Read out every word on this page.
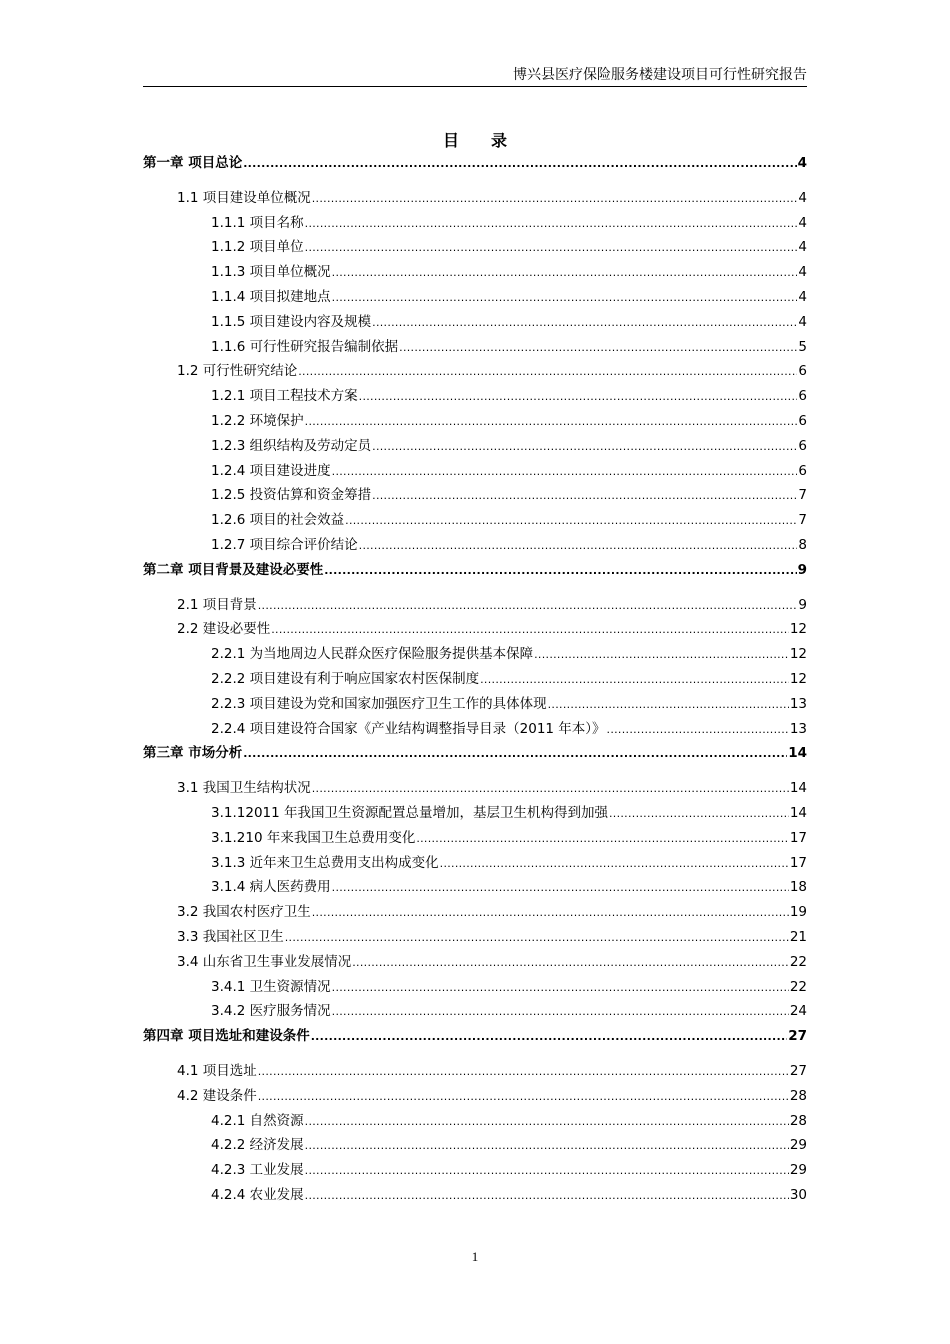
博兴县医疗保险服务楼建设项目可行性研究报告
目 录
第一章 项目总论 .....	4
1.1 项目建设单位概况 .....	4
1.1.1 项目名称 .....	4
1.1.2 项目单位 .....	4
1.1.3 项目单位概况 .....	4
1.1.4 项目拟建地点 .....	4
1.1.5 项目建设内容及规模 .....	4
1.1.6 可行性研究报告编制依据 .....	5
1.2 可行性研究结论 .....	6
1.2.1 项目工程技术方案 .....	6
1.2.2 环境保护 .....	6
1.2.3 组织结构及劳动定员 .....	6
1.2.4 项目建设进度 .....	6
1.2.5 投资估算和资金筹措 .....	7
1.2.6 项目的社会效益 .....	7
1.2.7 项目综合评价结论 .....	8
第二章 项目背景及建设必要性 .....	9
2.1 项目背景 .....	9
2.2 建设必要性 .....	12
2.2.1 为当地周边人民群众医疗保险服务提供基本保障 .....	12
2.2.2 项目建设有利于响应国家农村医保制度 .....	12
2.2.3 项目建设为党和国家加强医疗卫生工作的具体体现 .....	13
2.2.4 项目建设符合国家《产业结构调整指导目录（2011 年本）》 .....	13
第三章 市场分析 .....	14
3.1 我国卫生结构状况 .....	14
3.1.12011 年我国卫生资源配置总量增加，基层卫生机构得到加强 .....	14
3.1.210 年来我国卫生总费用变化 .....	17
3.1.3 近年来卫生总费用支出构成变化 .....	17
3.1.4 病人医药费用 .....	18
3.2 我国农村医疗卫生 .....	19
3.3 我国社区卫生 .....	21
3.4 山东省卫生事业发展情况 .....	22
3.4.1 卫生资源情况 .....	22
3.4.2 医疗服务情况 .....	24
第四章 项目选址和建设条件 .....	27
4.1 项目选址 .....	27
4.2 建设条件 .....	28
4.2.1 自然资源 .....	28
4.2.2 经济发展 .....	29
4.2.3 工业发展 .....	29
4.2.4 农业发展 .....	30
1
